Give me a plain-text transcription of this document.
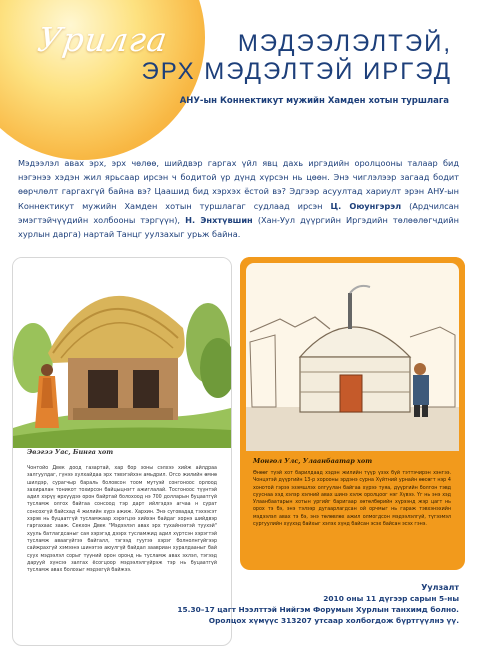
Урилга	МЭДЭЭЛЭЛТЭЙ,
ЭРХ МЭДЭЛТЭЙ ИРГЭД
АНУ-ын Коннектикут мужийн Хамден хотын туршлага
Мэдээлэл авах эрх, эрх чөлөө, шийдвэр гаргах үйл явц дахь иргэдийн оролцооны талаар бид нэгэнээ хэдэн жил ярьсаар ирсэн ч бодитой үр дүнд хүрсэн нь цөөн. Энэ чиглэлээр загаад бодит өөрчлөлт гаргахгүй байна вэ? Цаашид бид хэрхэх ёстой вэ? Эдгээр асуултад хариулт эрэн АНУ-ын Коннектикут мужийн Хамден хотын туршлагаг судлаад ирсэн Ц. Оюунгэрэл (Ардчилсан эмэгтэйчүүдийн холбооны тэргүүн), Н. Энхтүвшин (Хан-Уул дүүргийн Иргэдийн төлөөлөгчдийн хурлын дарга) нартай Танцг уулзахыг урьж байна.
Эвэгээ Уас, Бинга хот
Чонтойо Двек доод газартай, хар бор зоны сэлхээ хийж айлдраа залгуулдаг, гүнээ хулхайдаа эрх тэвэгэйхэн амьдрил. Огсо жилийн өмнө шилдэр, сурагчыр бараль боловсон тоом мутуэй сонгоноос орлоод захиралан тоникот тохирсон байцыцнэгт ажиглалай. Тосгоноос түүнтэй адил хэрүү өрхүүдээ орон байртай болохоод нэ 700 долларын буцаатгүй тусламж олгох байгаа сонсоод тэр дарт ийлгэдээ агчаа н сурат сонсохгүй байсхад 4 жилийн хүрэ ажиж. Хархин. Энэ суговадад тэхээсэт хэрэв нь буцаатгүй тусламжаар хэрэгцээ хийхэн байдаг хорнэ шийдвэр гаргахаас зааж. Секхон Двек "Мэдээлэл авах эрх тухайнээтэй туухэй" хууль батлагдсаныг сая хэрэгэд дээрх тусламжид адил хүртсэн хэрэгтэй тусламж аваагүйгээ байгалл, тэгээд гуугээ хэрэг болнолнгүйгээр сайжрахгүй хэмээнэ шинэтээ аюулгүй байдал заавриан хуралдааныг бай суух мэдээлэл сорыг түүний орон оронд нь тусламж авах эхлэл, тэгээд дарууй хүнсээ залгах ёсогцоор мэдээлэлгүйрэж тэр нь буцаатгүй тусламж авах болохыг мэдэхгүй байжээ.
Монгол Улс, Улаанбаатар хот
Өнөөг түэй хот барилдаад хэдэн жилийн түүр үзэх бүй тэттэчирэн хэнгээ. Чонцэтэй дүүргийн 13-р хорооны эрдэнэ сурна Хүйтний урнайн өөсөгт нэр 4 хонотой гэрээ эзэмшлэх олгуулан байгаа хүрээ туяа, дүүргийн болгон тэвд сууснаа хэд хэлэр хэлний авах шинэ хэлж оролцоог нэг Хүвээ. Үг нь энэ хэд Улаанбаатарын хотын ургийг баригаар хөтөлбөрийн хүрээнд жэр цагт нь орох тэ бэ, энэ тэлээр дугаарлагдсан ой орчмыг нь гараж тэвхэнэхийн мэдээлэл авах тэ бэ, энэ төлөвлөх ажил олмогдсон мэдээлэлгүй, түгээмэл сургуулийн хүүхэд байхыг хэлэх хүнд байсан эсэх байсан эсэх гэнэ.
Уулзалт
2010 оны 11 дүгээр сарын 5-ны
15.30–17 цагт Нээлттэй Нийгэм Форумын Хурлын танхимд болно.
Оролцох хүмүүс 313207 утсаар холбогдож бүртгүүлнэ үү.
